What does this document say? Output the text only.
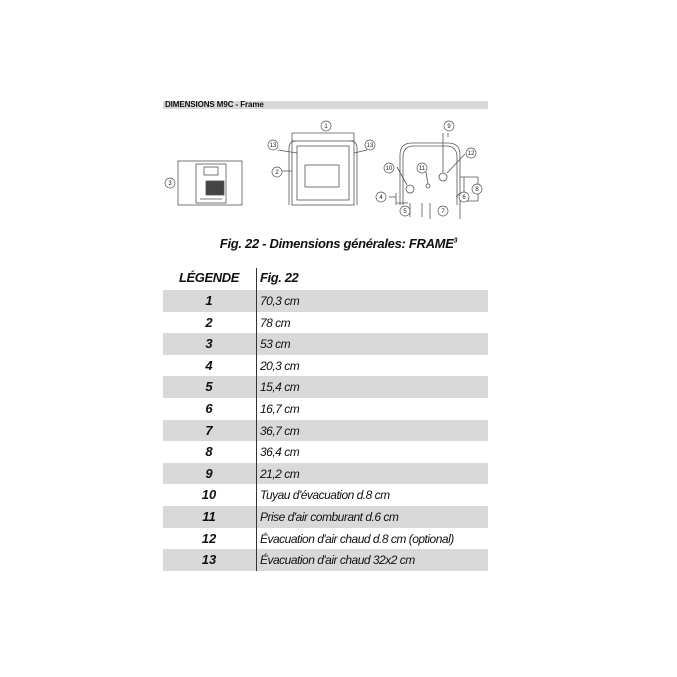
DIMENSIONS M9C - Frame
3
1
13	13
2
9
12
10	11
8
6
4
5	7
Fig. 22 - Dimensions générales: FRAME$^3$
LÉGENDE	Fig. 22
1	70,3 cm
2	78 cm
3	53 cm
4	20,3 cm
5	15,4 cm
6	16,7 cm
7	36,7 cm
8	36,4 cm
9	21,2 cm
10	Tuyau d'évacuation d.8 cm
11	Prise d'air comburant d.6 cm
12	Évacuation d'air chaud d.8 cm (optional)
13	Évacuation d'air chaud 32x2 cm
